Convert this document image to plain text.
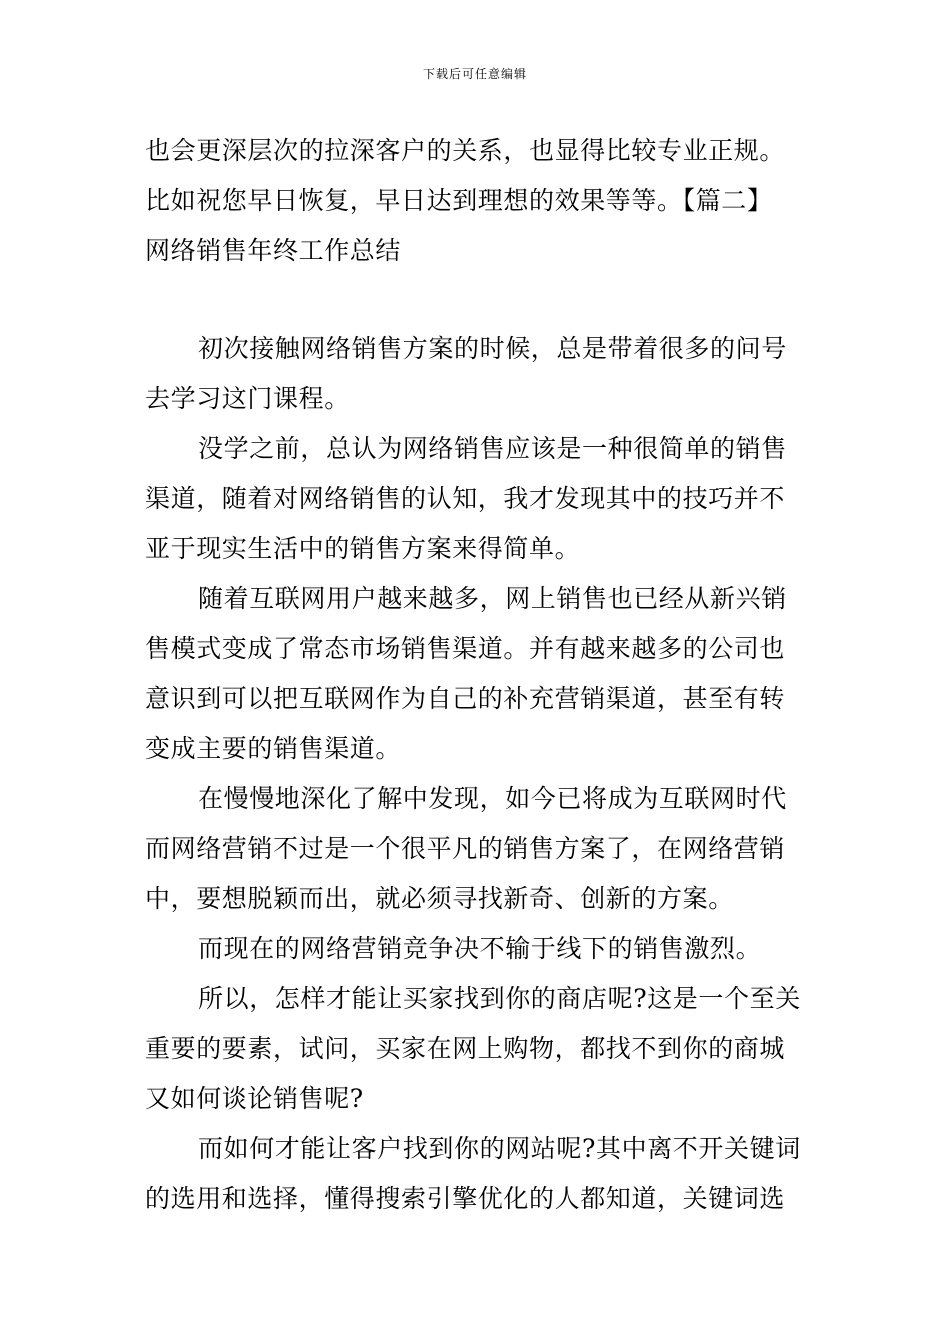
下载后可任意编辑
也会更深层次的拉深客户的关系，也显得比较专业正规。
比如祝您早日恢复，早日达到理想的效果等等。【篇二】
网络销售年终工作总结
初次接触网络销售方案的时候，总是带着很多的问号
去学习这门课程。
没学之前，总认为网络销售应该是一种很简单的销售
渠道，随着对网络销售的认知，我才发现其中的技巧并不
亚于现实生活中的销售方案来得简单。
随着互联网用户越来越多，网上销售也已经从新兴销
售模式变成了常态市场销售渠道。并有越来越多的公司也
意识到可以把互联网作为自己的补充营销渠道，甚至有转
变成主要的销售渠道。
在慢慢地深化了解中发现，如今已将成为互联网时代
而网络营销不过是一个很平凡的销售方案了，在网络营销
中，要想脱颖而出，就必须寻找新奇、创新的方案。
而现在的网络营销竞争决不输于线下的销售激烈。
所以，怎样才能让买家找到你的商店呢?这是一个至关
重要的要素，试问，买家在网上购物，都找不到你的商城
又如何谈论销售呢?
而如何才能让客户找到你的网站呢?其中离不开关键词
的选用和选择，懂得搜索引擎优化的人都知道，关键词选
